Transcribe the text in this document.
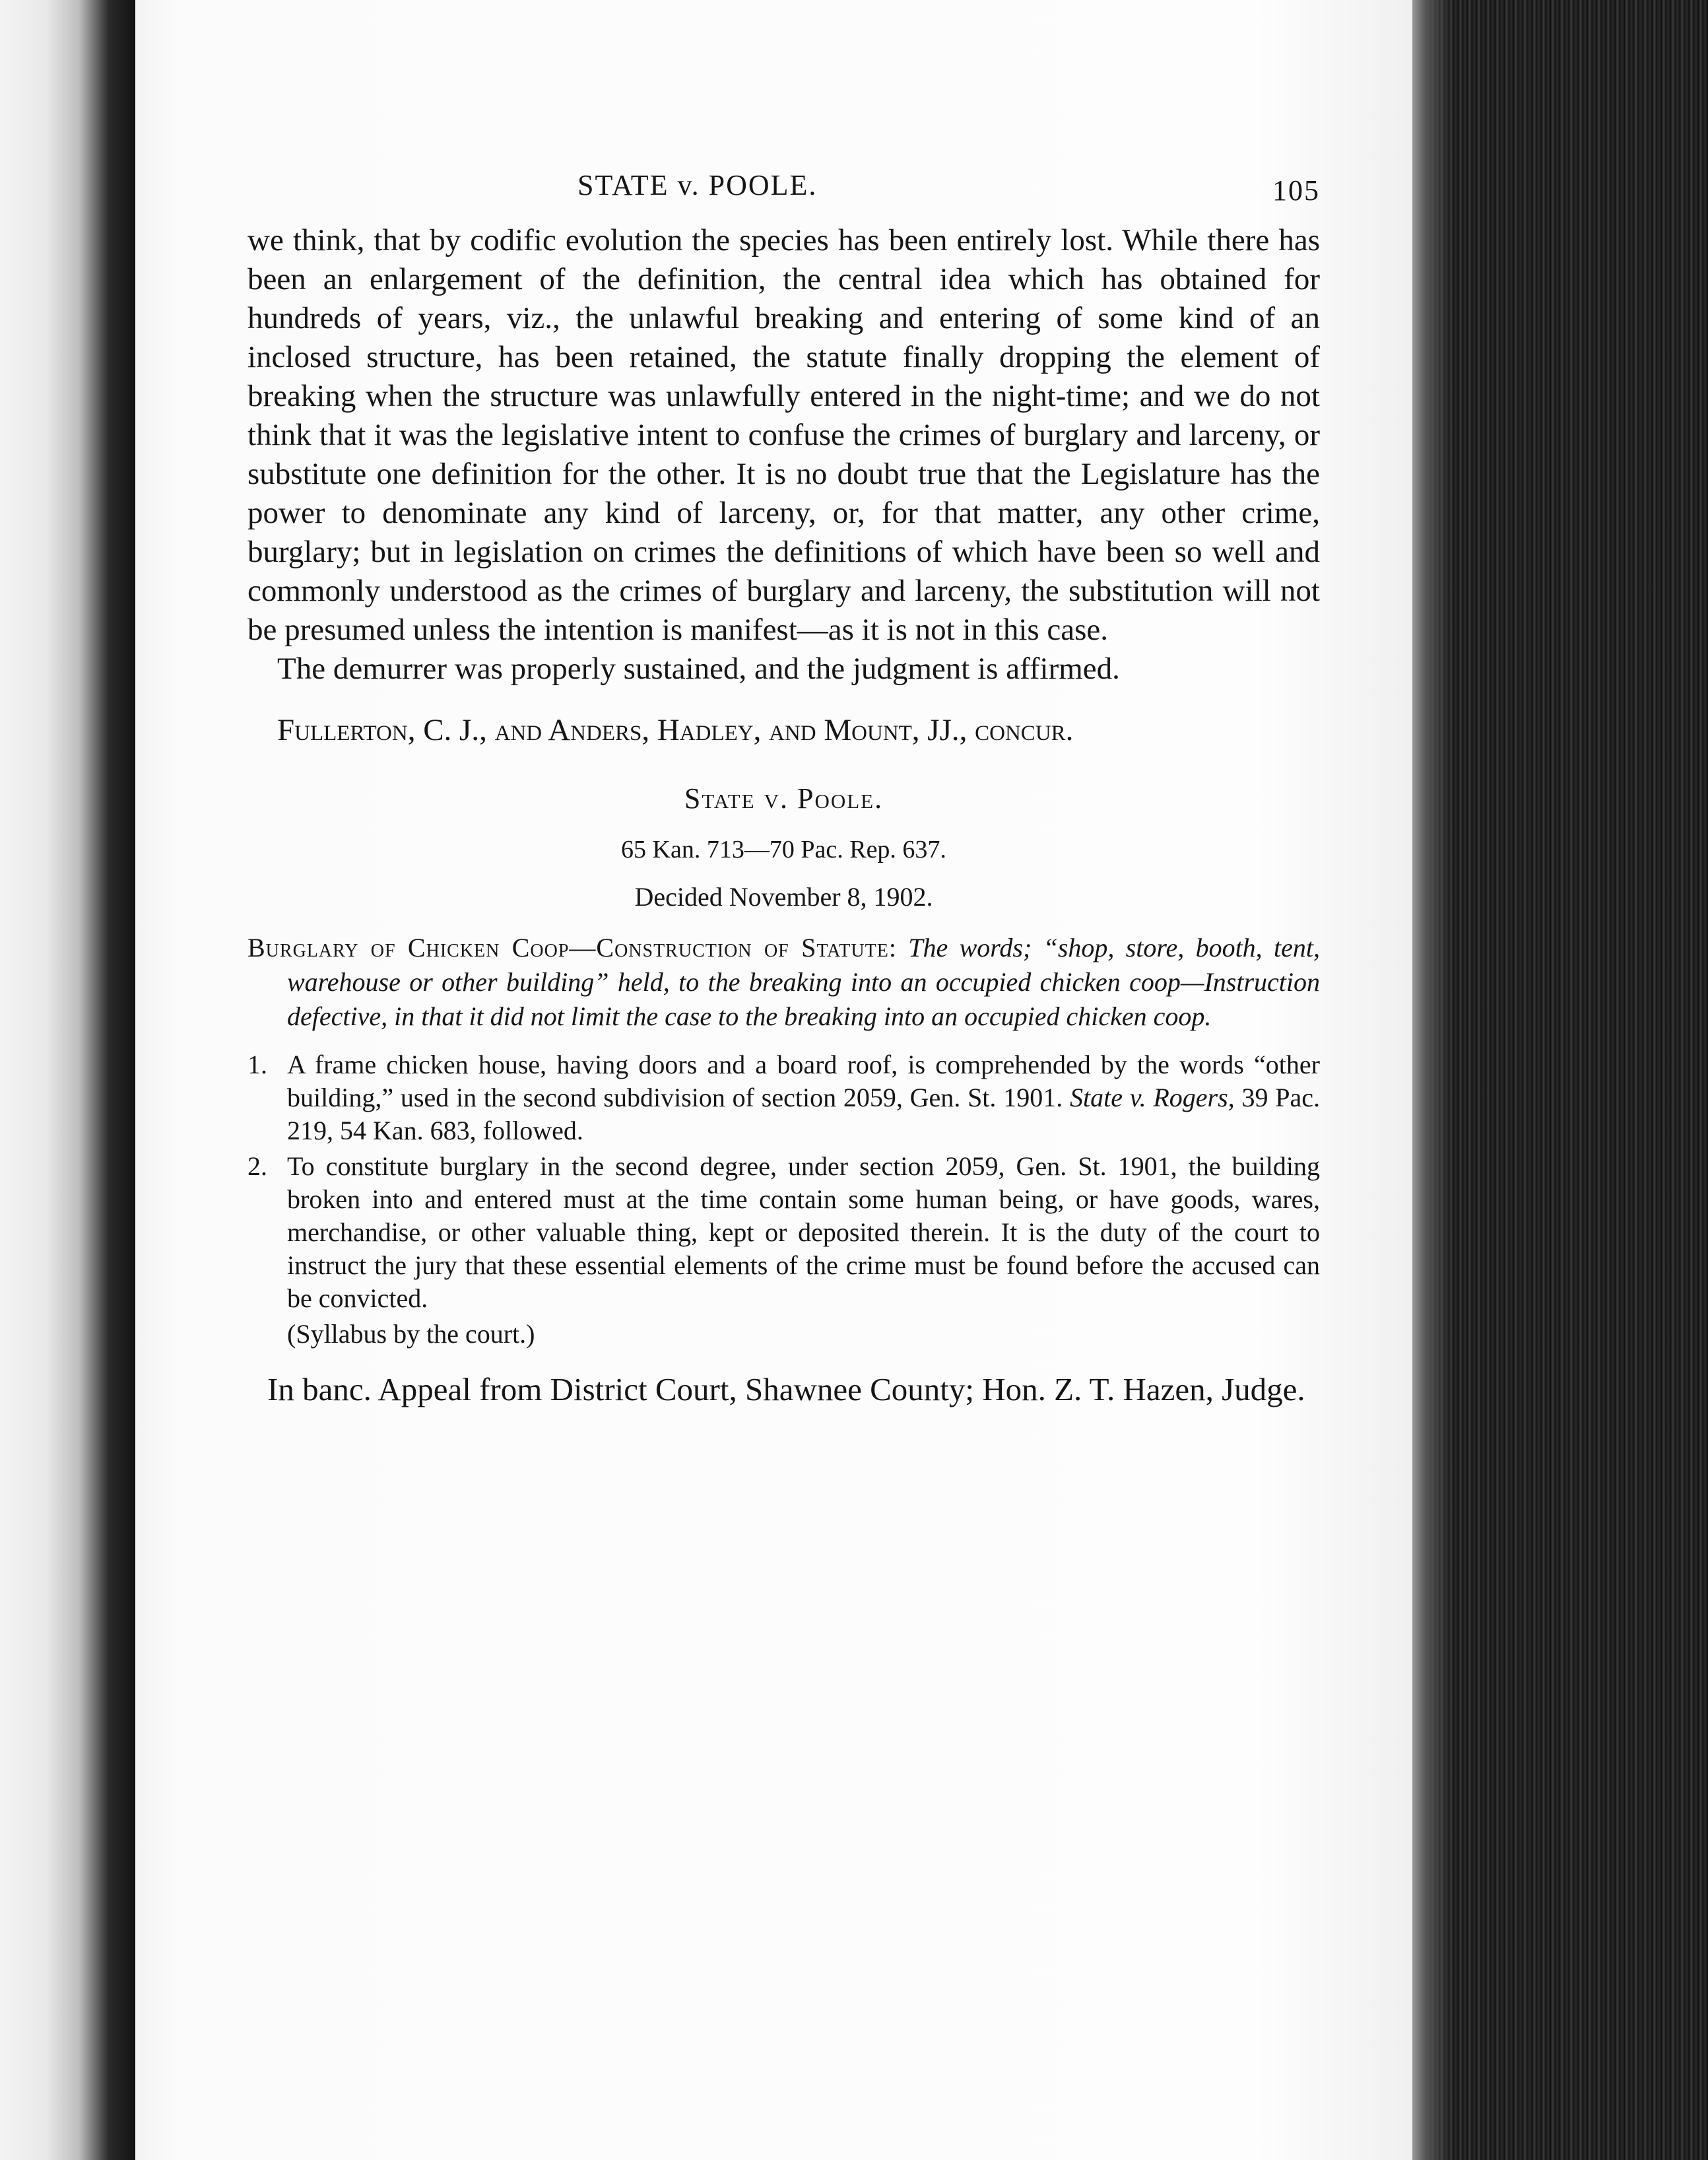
STATE v. POOLE.	105

we think, that by codific evolution the species has been entirely lost. While there has been an enlargement of the definition, the central idea which has obtained for hundreds of years, viz., the unlawful breaking and entering of some kind of an inclosed structure, has been retained, the statute finally dropping the element of breaking when the structure was unlawfully entered in the night-time; and we do not think that it was the legislative intent to confuse the crimes of burglary and larceny, or substitute one definition for the other. It is no doubt true that the Legislature has the power to denominate any kind of larceny, or, for that matter, any other crime, burglary; but in legislation on crimes the definitions of which have been so well and commonly understood as the crimes of burglary and larceny, the substitution will not be presumed unless the intention is manifest—as it is not in this case.

The demurrer was properly sustained, and the judgment is affirmed.

Fullerton, C. J., and Anders, Hadley, and Mount, JJ., concur.

State v. Poole.
65 Kan. 713—70 Pac. Rep. 637.
Decided November 8, 1902.

Burglary of Chicken Coop—Construction of Statute: The words; “shop, store, booth, tent, warehouse or other building” held, to the breaking into an occupied chicken coop—Instruction defective, in that it did not limit the case to the breaking into an occupied chicken coop.

1. A frame chicken house, having doors and a board roof, is comprehended by the words “other building,” used in the second subdivision of section 2059, Gen. St. 1901. State v. Rogers, 39 Pac. 219, 54 Kan. 683, followed.
2. To constitute burglary in the second degree, under section 2059, Gen. St. 1901, the building broken into and entered must at the time contain some human being, or have goods, wares, merchandise, or other valuable thing, kept or deposited therein. It is the duty of the court to instruct the jury that these essential elements of the crime must be found before the accused can be convicted.
(Syllabus by the court.)

In banc. Appeal from District Court, Shawnee County; Hon. Z. T. Hazen, Judge.
